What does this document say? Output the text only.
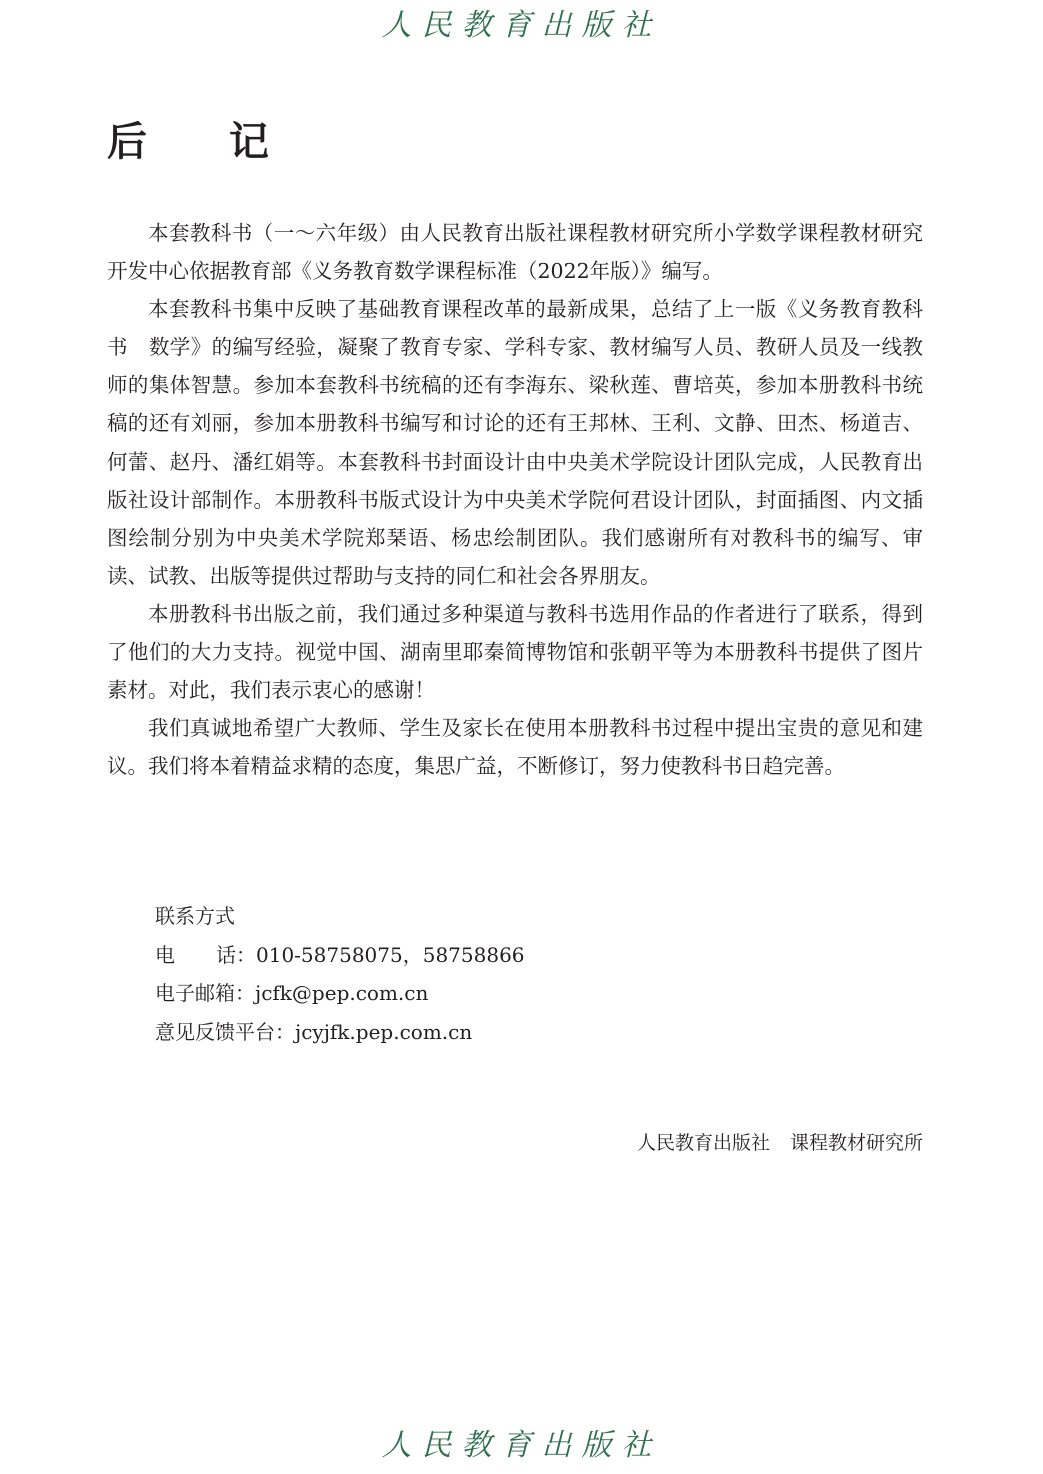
人民教育出版社
后 记

本套教科书（一～六年级）由人民教育出版社课程教材研究所小学数学课程教材研究开发中心依据教育部《义务教育数学课程标准（2022年版）》编写。

本套教科书集中反映了基础教育课程改革的最新成果，总结了上一版《义务教育教科书　数学》的编写经验，凝聚了教育专家、学科专家、教材编写人员、教研人员及一线教师的集体智慧。参加本套教科书统稿的还有李海东、梁秋莲、曹培英，参加本册教科书统稿的还有刘丽，参加本册教科书编写和讨论的还有王邦林、王利、文静、田杰、杨道吉、何蕾、赵丹、潘红娟等。本套教科书封面设计由中央美术学院设计团队完成，人民教育出版社设计部制作。本册教科书版式设计为中央美术学院何君设计团队，封面插图、内文插图绘制分别为中央美术学院郑琹语、杨忠绘制团队。我们感谢所有对教科书的编写、审读、试教、出版等提供过帮助与支持的同仁和社会各界朋友。

本册教科书出版之前，我们通过多种渠道与教科书选用作品的作者进行了联系，得到了他们的大力支持。视觉中国、湖南里耶秦简博物馆和张朝平等为本册教科书提供了图片素材。对此，我们表示衷心的感谢！

我们真诚地希望广大教师、学生及家长在使用本册教科书过程中提出宝贵的意见和建议。我们将本着精益求精的态度，集思广益，不断修订，努力使教科书日趋完善。

联系方式
电话：010-58758075，58758866
电子邮箱：jcfk@pep.com.cn
意见反馈平台：jcyjfk.pep.com.cn
人民教育出版社 课程教材研究所
人民教育出版社
